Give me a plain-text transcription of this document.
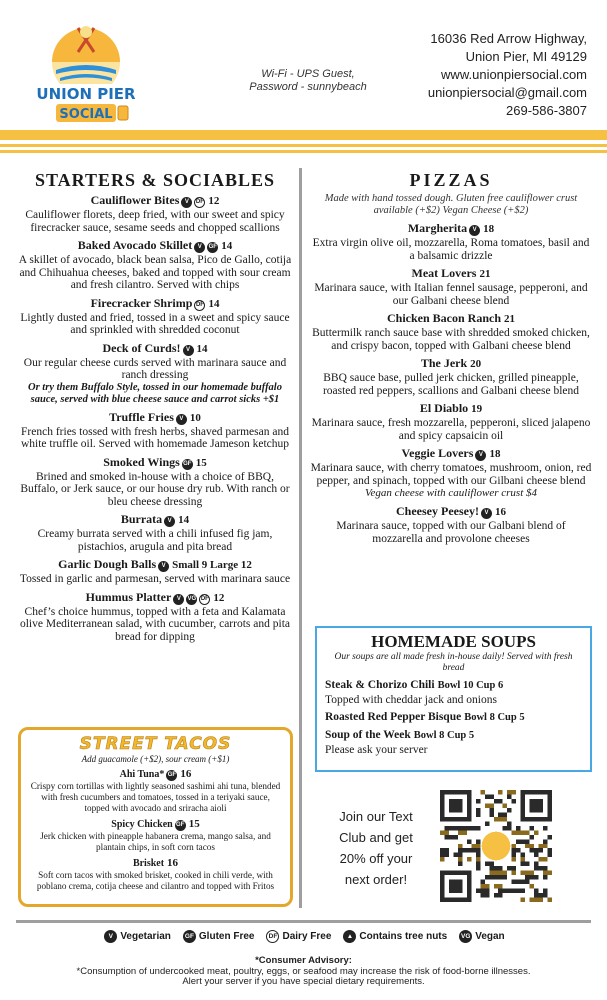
UNION PIER
SOCIAL
Wi-Fi - UPS Guest,
Password - sunnybeach
16036 Red Arrow Highway,
Union Pier, MI 49129
www.unionpiersocial.com
unionpiersocial@gmail.com
269-586-3807
STARTERS & SOCIABLES
Cauliflower Bites V DF 12
Cauliflower florets, deep fried, with our sweet and spicy firecracker sauce, sesame seeds and chopped scallions
Baked Avocado Skillet V GF 14
A skillet of avocado, black bean salsa, Pico de Gallo, cotija and Chihuahua cheeses, baked and topped with sour cream and fresh cilantro. Served with chips
Firecracker Shrimp DF 14
Lightly dusted and fried, tossed in a sweet and spicy sauce and sprinkled with shredded coconut
Deck of Curds! V 14
Our regular cheese curds served with marinara sauce and ranch dressing
Or try them Buffalo Style, tossed in our homemade buffalo sauce, served with blue cheese sauce and carrot sicks +$1
Truffle Fries V 10
French fries tossed with fresh herbs, shaved parmesan and white truffle oil. Served with homemade Jameson ketchup
Smoked Wings GF 15
Brined and smoked in-house with a choice of BBQ, Buffalo, or Jerk sauce, or our house dry rub. With ranch or bleu cheese dressing
Burrata V 14
Creamy burrata served with a chili infused fig jam, pistachios, arugula and pita bread
Garlic Dough Balls V Small 9 Large 12
Tossed in garlic and parmesan, served with marinara sauce
Hummus Platter V VG DF 12
Chef’s choice hummus, topped with a feta and Kalamata olive Mediterranean salad, with cucumber, carrots and pita bread for dipping
STREET TACOS
Add guacamole (+$2), sour cream (+$1)
Ahi Tuna* GF 16
Crispy corn tortillas with lightly seasoned sashimi ahi tuna, blended with fresh cucumbers and tomatoes, tossed in a teriyaki sauce, topped with avocado and sriracha aioli
Spicy Chicken GF 15
Jerk chicken with pineapple habanera crema, mango salsa, and plantain chips, in soft corn tacos
Brisket 16
Soft corn tacos with smoked brisket, cooked in chili verde, with poblano crema, cotija cheese and cilantro and topped with Fritos
PIZZAS
Made with hand tossed dough. Gluten free cauliflower crust available (+$2) Vegan Cheese (+$2)
Margherita V 18
Extra virgin olive oil, mozzarella, Roma tomatoes, basil and a balsamic drizzle
Meat Lovers 21
Marinara sauce, with Italian fennel sausage, pepperoni, and our Galbani cheese blend
Chicken Bacon Ranch 21
Buttermilk ranch sauce base with shredded smoked chicken, and crispy bacon, topped with Galbani cheese blend
The Jerk 20
BBQ sauce base, pulled jerk chicken, grilled pineapple, roasted red peppers, scallions and Galbani cheese blend
El Diablo 19
Marinara sauce, fresh mozzarella, pepperoni, sliced jalapeno and spicy capsaicin oil
Veggie Lovers V 18
Marinara sauce, with cherry tomatoes, mushroom, onion, red pepper, and spinach, topped with our Gilbani cheese blend
Vegan cheese with cauliflower crust $4
Cheesey Peesey! V 16
Marinara sauce, topped with our Galbani blend of mozzarella and provolone cheeses
HOMEMADE SOUPS
Our soups are all made fresh in-house daily! Served with fresh bread
Steak & Chorizo Chili Bowl 10 Cup 6
Topped with cheddar jack and onions
Roasted Red Pepper Bisque Bowl 8 Cup 5
Soup of the Week Bowl 8 Cup 5
Please ask your server
Join our Text
Club and get
20% off your
next order!
V Vegetarian GF Gluten Free DF Dairy Free ▲ Contains tree nuts VG Vegan
*Consumer Advisory:
*Consumption of undercooked meat, poultry, eggs, or seafood may increase the risk of food-borne illnesses.
Alert your server if you have special dietary requirements.
